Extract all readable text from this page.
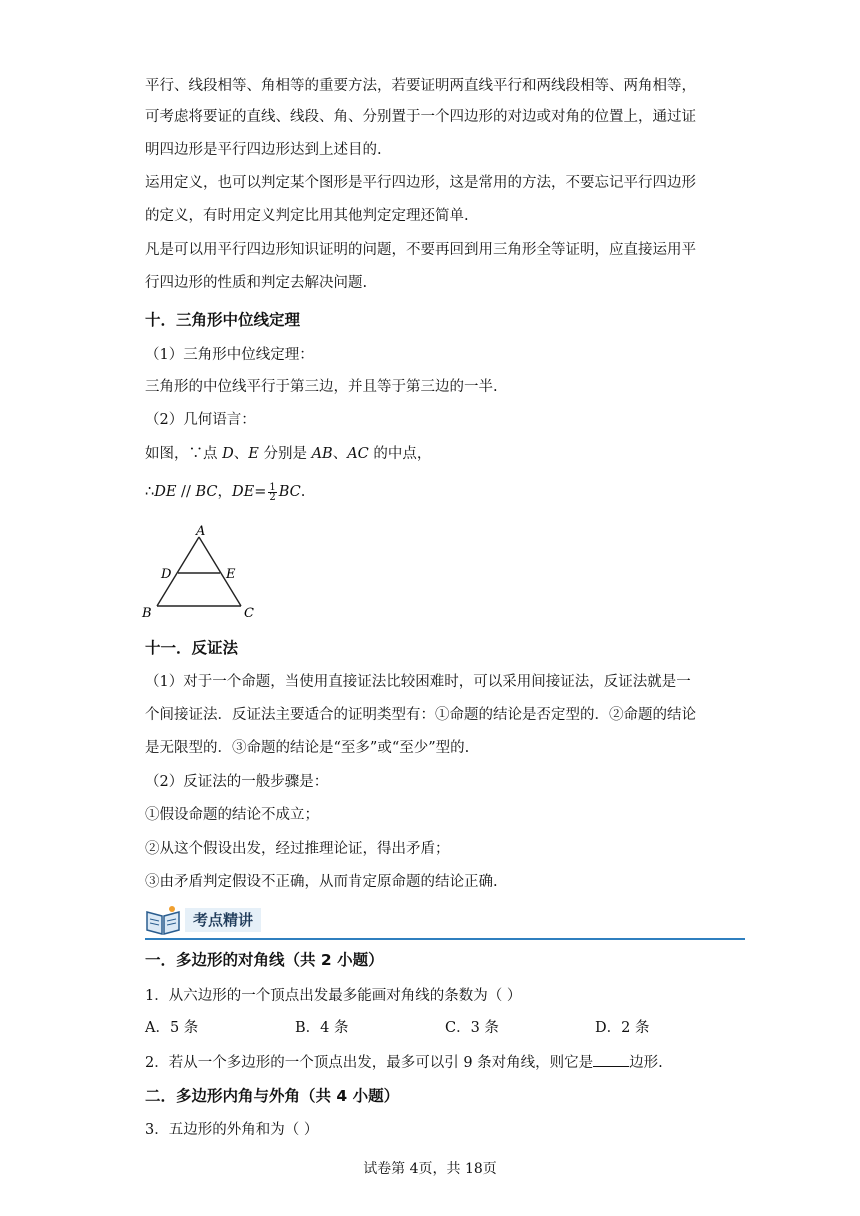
平行、线段相等、角相等的重要方法，若要证明两直线平行和两线段相等、两角相等，
可考虑将要证的直线、线段、角、分别置于一个四边形的对边或对角的位置上，通过证
明四边形是平行四边形达到上述目的.
运用定义，也可以判定某个图形是平行四边形，这是常用的方法，不要忘记平行四边形
的定义，有时用定义判定比用其他判定定理还简单.
凡是可以用平行四边形知识证明的问题，不要再回到用三角形全等证明，应直接运用平
行四边形的性质和判定去解决问题.
十．三角形中位线定理
（1）三角形中位线定理：
三角形的中位线平行于第三边，并且等于第三边的一半.
（2）几何语言：
如图，∵点 D、E 分别是 AB、AC 的中点，
∴DE // BC，$DE= \frac{1}{2}$ BC.
A
D	E
B	C
十一．反证法
（1）对于一个命题，当使用直接证法比较困难时，可以采用间接证法，反证法就是一
个间接证法．反证法主要适合的证明类型有：①命题的结论是否定型的．②命题的结论
是无限型的．③命题的结论是“至多”或“至少”型的.
（2）反证法的一般步骤是：
①假设命题的结论不成立；
②从这个假设出发，经过推理论证，得出矛盾；
③由矛盾判定假设不正确，从而肯定原命题的结论正确.
考点精讲
一．多边形的对角线（共 2 小题）
1．从六边形的一个顶点出发最多能画对角线的条数为（ ）
A．5 条	B．4 条	C．3 条	D．2 条
2．若从一个多边形的一个顶点出发，最多可以引 9 条对角线，则它是 边形.
二．多边形内角与外角（共 4 小题）
3．五边形的外角和为（ ）
试卷第 4页，共 18页
